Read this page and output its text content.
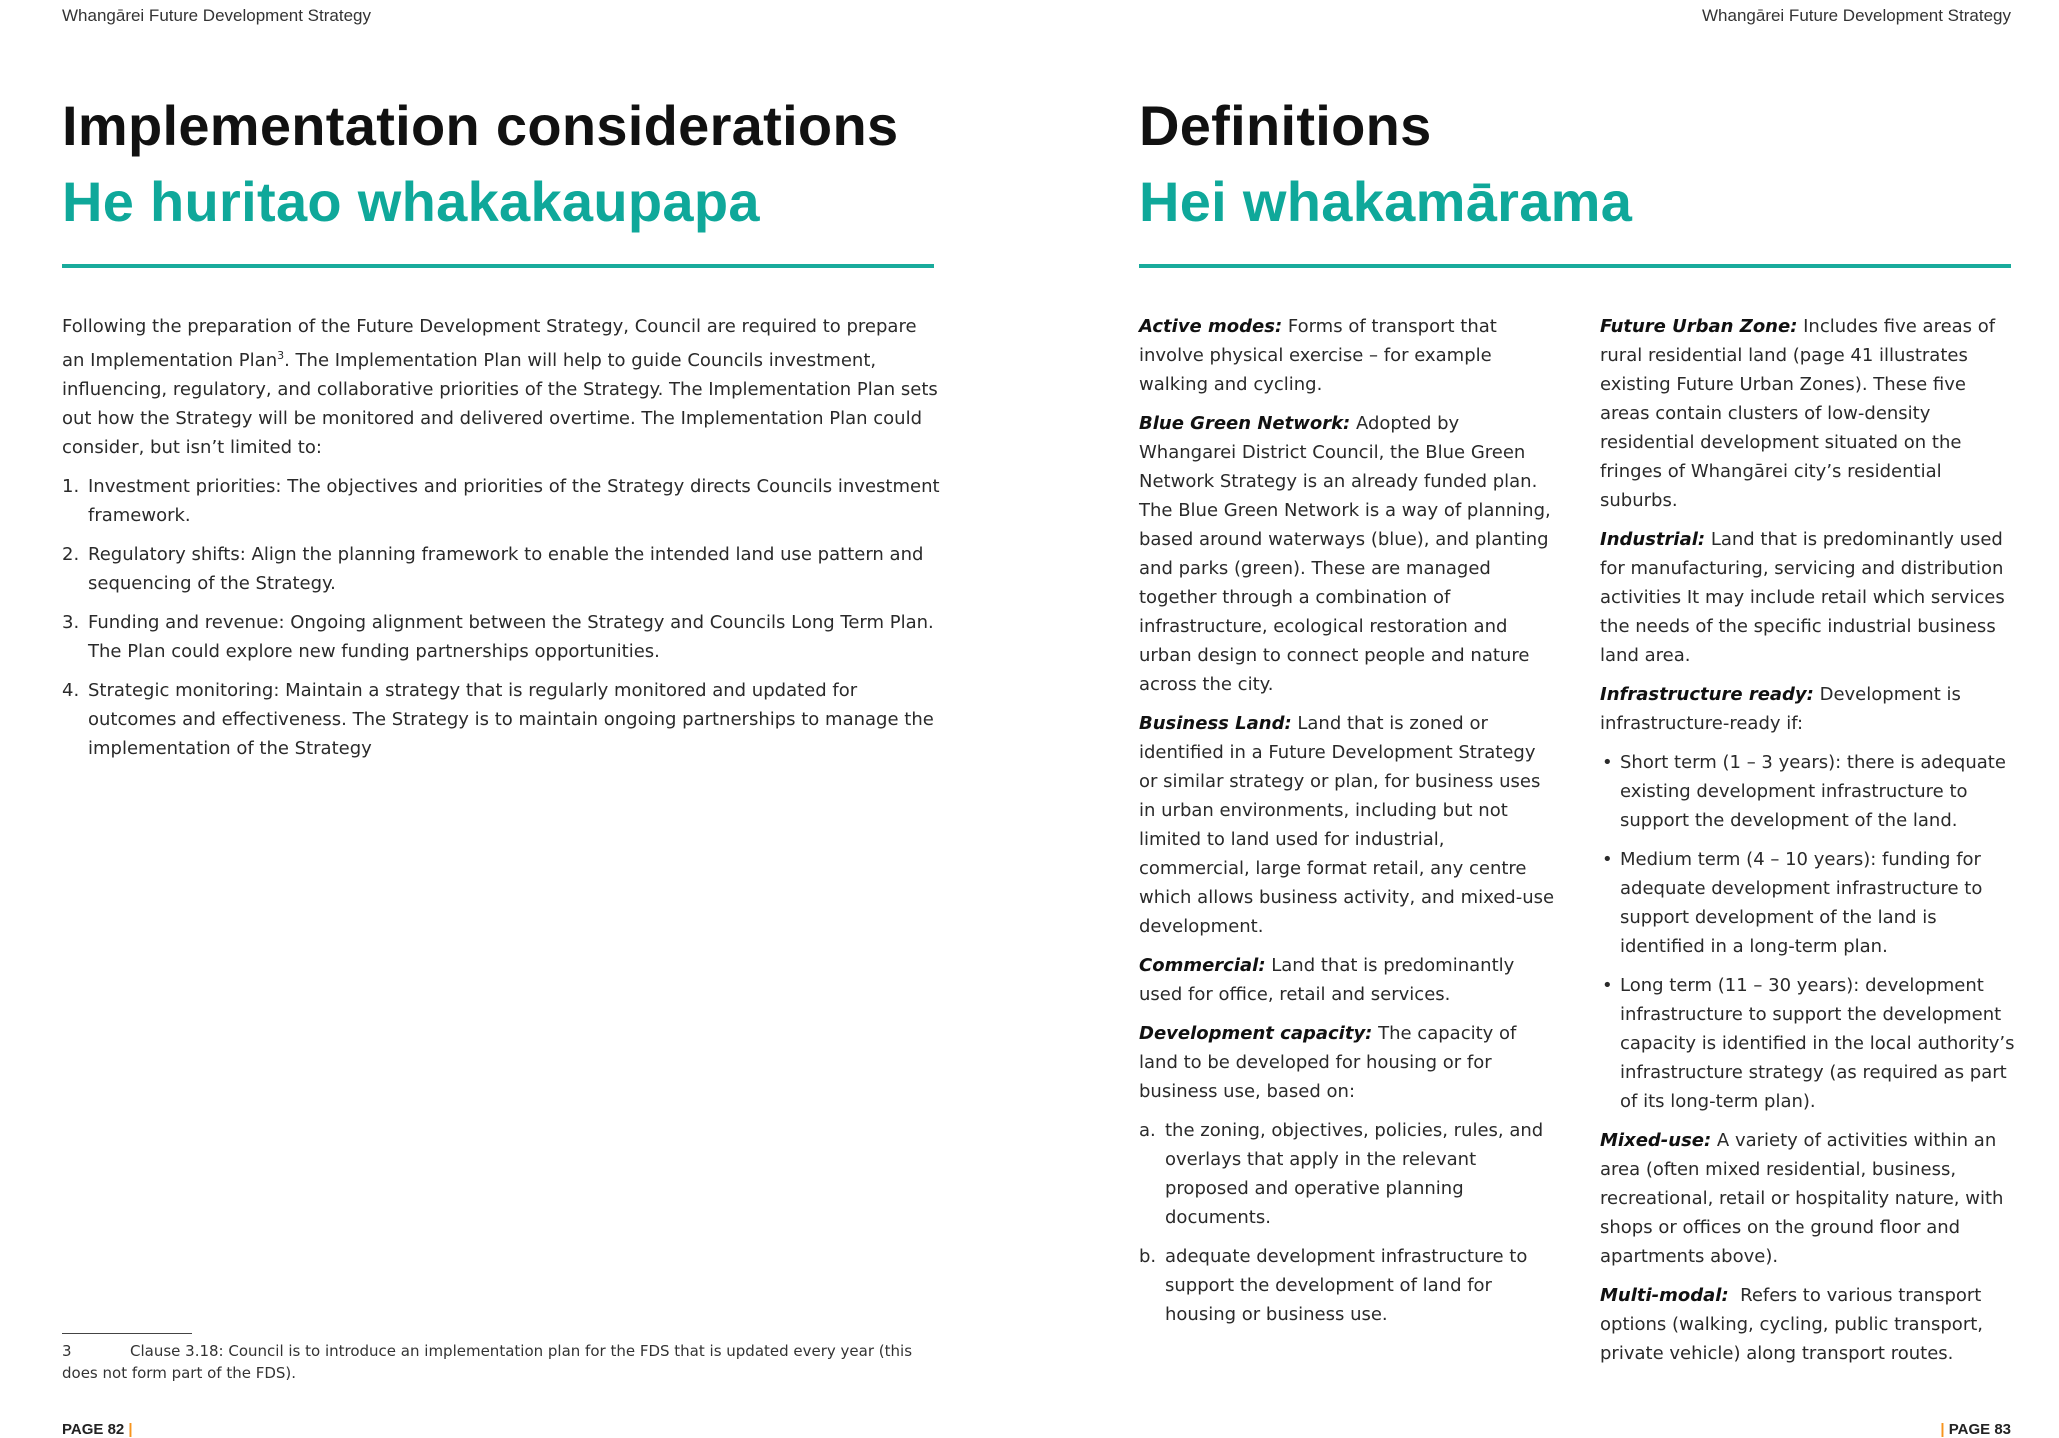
Whangārei Future Development Strategy
Implementation considerations
He huritao whakakaupapa

Following the preparation of the Future Development Strategy, Council are required to prepare an Implementation Plan$^3$. The Implementation Plan will help to guide Councils investment, influencing, regulatory, and collaborative priorities of the Strategy. The Implementation Plan sets out how the Strategy will be monitored and delivered overtime. The Implementation Plan could consider, but isn’t limited to:

1. Investment priorities: The objectives and priorities of the Strategy directs Councils investment framework.
2. Regulatory shifts: Align the planning framework to enable the intended land use pattern and sequencing of the Strategy.
3. Funding and revenue: Ongoing alignment between the Strategy and Councils Long Term Plan. The Plan could explore new funding partnerships opportunities.
4. Strategic monitoring: Maintain a strategy that is regularly monitored and updated for outcomes and effectiveness. The Strategy is to maintain ongoing partnerships to manage the implementation of the Strategy
3	Clause 3.18: Council is to introduce an implementation plan for the FDS that is updated every year (this does not form part of the FDS).
PAGE 82 |
Whangārei Future Development Strategy
Definitions
Hei whakamārama

Active modes: Forms of transport that involve physical exercise – for example walking and cycling.

Blue Green Network: Adopted by Whangarei District Council, the Blue Green Network Strategy is an already funded plan. The Blue Green Network is a way of planning, based around waterways (blue), and planting and parks (green). These are managed together through a combination of infrastructure, ecological restoration and urban design to connect people and nature across the city.

Business Land: Land that is zoned or identified in a Future Development Strategy or similar strategy or plan, for business uses in urban environments, including but not limited to land used for industrial, commercial, large format retail, any centre which allows business activity, and mixed-use development.

Commercial: Land that is predominantly used for office, retail and services.

Development capacity: The capacity of land to be developed for housing or for business use, based on:

a. the zoning, objectives, policies, rules, and overlays that apply in the relevant proposed and operative planning documents.
b. adequate development infrastructure to support the development of land for housing or business use.

Future Urban Zone: Includes five areas of rural residential land (page 41 illustrates existing Future Urban Zones). These five areas contain clusters of low-density residential development situated on the fringes of Whangārei city’s residential suburbs.

Industrial: Land that is predominantly used for manufacturing, servicing and distribution activities It may include retail which services the needs of the specific industrial business land area.

Infrastructure ready: Development is infrastructure-ready if:

• Short term (1 – 3 years): there is adequate existing development infrastructure to support the development of the land.
• Medium term (4 – 10 years): funding for adequate development infrastructure to support development of the land is identified in a long-term plan.
• Long term (11 – 30 years): development infrastructure to support the development capacity is identified in the local authority’s infrastructure strategy (as required as part of its long-term plan).

Mixed-use: A variety of activities within an area (often mixed residential, business, recreational, retail or hospitality nature, with shops or offices on the ground floor and apartments above).

Multi-modal:  Refers to various transport options (walking, cycling, public transport, private vehicle) along transport routes.

| PAGE 83
